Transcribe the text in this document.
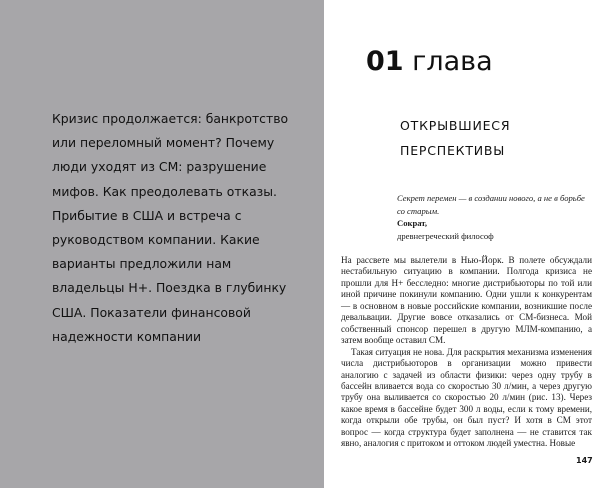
Кризис продолжается: банкротство или переломный момент? Почему люди уходят из СМ: разрушение мифов. Как преодолевать отказы. Прибытие в США и встреча с руководством компании. Какие варианты предложили нам владельцы Н+. Поездка в глубинку США. Показатели финансовой надежности компании

01 глава
ОТКРЫВШИЕСЯ ПЕРСПЕКТИВЫ

Секрет перемен — в создании нового, а не в борьбе со старым.

Сократ,

древнегреческий философ

На рассвете мы вылетели в Нью-Йорк. В полете обсуждали нестабильную ситуацию в компании. Полгода кризиса не прошли для Н+ бесследно: многие дистрибьюторы по той или иной причине покинули компанию. Одни ушли к конкурентам — в основном в новые российские компании, возникшие после девальвации. Другие вовсе отказались от СМ-бизнеса. Мой собственный спонсор перешел в другую МЛМ-компанию, а затем вообще оставил СМ.

Такая ситуация не нова. Для раскрытия механизма изменения числа дистрибьюторов в организации можно привести аналогию с задачей из области физики: через одну трубу в бассейн вливается вода со скоростью 30 л/мин, а через другую трубу она выливается со скоростью 20 л/мин (рис. 13). Через какое время в бассейне будет 300 л воды, если к тому времени, когда открыли обе трубы, он был пуст? И хотя в СМ этот вопрос — когда структура будет заполнена — не ставится так явно, аналогия с притоком и оттоком людей уместна. Новые

147
